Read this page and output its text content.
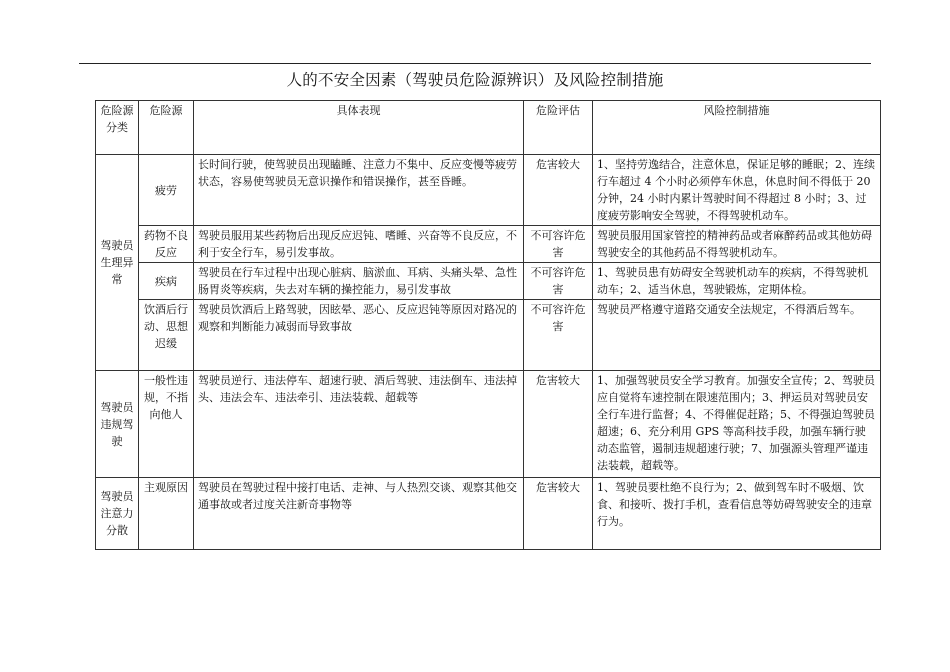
人的不安全因素（驾驶员危险源辨识）及风险控制措施
危险源分类	危险源	具体表现	危险评估	风险控制措施
驾驶员生理异常	疲劳	长时间行驶，使驾驶员出现瞌睡、注意力不集中、反应变慢等疲劳状态，容易使驾驶员无意识操作和错误操作，甚至昏睡。	危害较大	1、坚持劳逸结合，注意休息，保证足够的睡眠；2、连续行车超过 4 个小时必须停车休息，休息时间不得低于 20 分钟，24 小时内累计驾驶时间不得超过 8 小时；3、过度疲劳影响安全驾驶，不得驾驶机动车。
	药物不良反应	驾驶员服用某些药物后出现反应迟钝、嗜睡、兴奋等不良反应，不利于安全行车，易引发事故。	不可容许危害	驾驶员服用国家管控的精神药品或者麻醉药品或其他妨碍驾驶安全的其他药品不得驾驶机动车。
	疾病	驾驶员在行车过程中出现心脏病、脑淤血、耳病、头痛头晕、急性肠胃炎等疾病，失去对车辆的操控能力，易引发事故	不可容许危害	1、驾驶员患有妨碍安全驾驶机动车的疾病，不得驾驶机动车；2、适当休息，驾驶锻炼，定期体检。
	饮酒后行动、思想迟缓	驾驶员饮酒后上路驾驶，因眩晕、恶心、反应迟钝等原因对路况的观察和判断能力减弱而导致事故	不可容许危害	驾驶员严格遵守道路交通安全法规定，不得酒后驾车。
驾驶员违规驾驶	一般性违规，不指向他人	驾驶员逆行、违法停车、超速行驶、酒后驾驶、违法倒车、违法掉头、违法会车、违法牵引、违法装载、超载等	危害较大	1、加强驾驶员安全学习教育。加强安全宣传；2、驾驶员应自觉将车速控制在限速范围内；3、押运员对驾驶员安全行车进行监督；4、不得催促赶路；5、不得强迫驾驶员超速；6、充分利用 GPS 等高科技手段，加强车辆行驶动态监管，遏制违规超速行驶；7、加强源头管理严谨违法装载，超载等。
驾驶员注意力分散	主观原因	驾驶员在驾驶过程中接打电话、走神、与人热烈交谈、观察其他交通事故或者过度关注新奇事物等	危害较大	1、驾驶员要杜绝不良行为；2、做到驾车时不吸烟、饮食、和接听、拨打手机，查看信息等妨碍驾驶安全的违章行为。
